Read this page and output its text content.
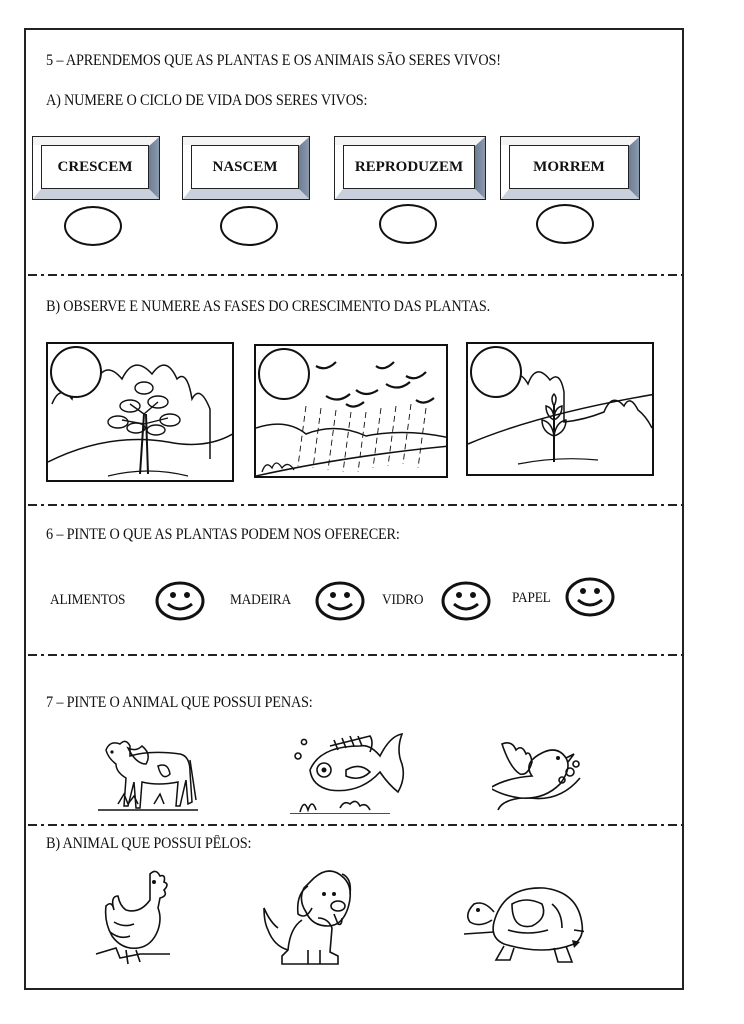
5 – APRENDEMOS QUE AS PLANTAS E OS ANIMAIS SÃO SERES VIVOS!
A) NUMERE O CICLO DE VIDA DOS SERES VIVOS:
CRESCEM	NASCEM	REPRODUZEM	MORREM
B) OBSERVE E NUMERE AS FASES DO CRESCIMENTO DAS PLANTAS.
6 – PINTE O QUE AS PLANTAS PODEM NOS OFERECER:
ALIMENTOS	MADEIRA	VIDRO	PAPEL
7 – PINTE O ANIMAL QUE POSSUI PENAS:
B) ANIMAL QUE POSSUI PÊLOS:
